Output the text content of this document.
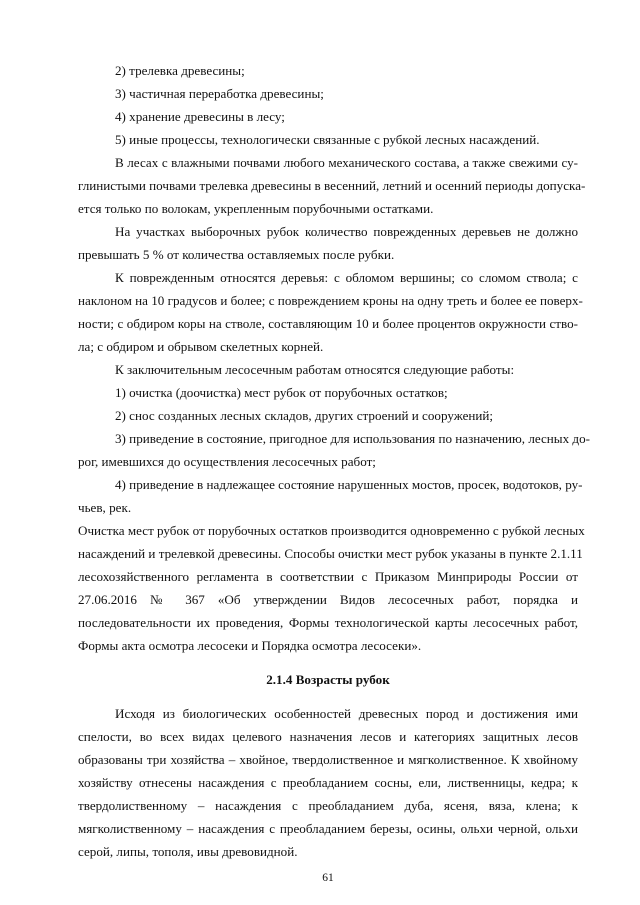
2) трелевка древесины;
3) частичная переработка древесины;
4) хранение древесины в лесу;
5) иные процессы, технологически связанные с рубкой лесных насаждений.
В лесах с влажными почвами любого механического состава, а также свежими су-
глинистыми почвами трелевка древесины в весенний, летний и осенний периоды допуска-
ется только по волокам, укрепленным порубочными остатками.
На участках выборочных рубок количество поврежденных деревьев не должно
превышать 5 % от количества оставляемых после рубки.
К поврежденным относятся деревья: с обломом вершины; со сломом ствола; с
наклоном на 10 градусов и более; с повреждением кроны на одну треть и более ее поверх-
ности; с обдиром коры на стволе, составляющим 10 и более процентов окружности ство-
ла; с обдиром и обрывом скелетных корней.
К заключительным лесосечным работам относятся следующие работы:
1) очистка (доочистка) мест рубок от порубочных остатков;
2) снос созданных лесных складов, других строений и сооружений;
3) приведение в состояние, пригодное для использования по назначению, лесных до-
рог, имевшихся до осуществления лесосечных работ;
4) приведение в надлежащее состояние нарушенных мостов, просек, водотоков, ру-
чьев, рек.
Очистка мест рубок от порубочных остатков производится одновременно с рубкой лесных
насаждений и трелевкой древесины. Способы очистки мест рубок указаны в пункте 2.1.11
лесохозяйственного регламента в соответствии с Приказом Минприроды России от
27.06.2016 № 367 «Об утверждении Видов лесосечных работ, порядка и
последовательности их проведения, Формы технологической карты лесосечных работ,
Формы акта осмотра лесосеки и Порядка осмотра лесосеки».
2.1.4 Возрасты рубок
Исходя из биологических особенностей древесных пород и достижения ими
спелости, во всех видах целевого назначения лесов и категориях защитных лесов
образованы три хозяйства – хвойное, твердолиственное и мягколиственное. К хвойному
хозяйству отнесены насаждения с преобладанием сосны, ели, лиственницы, кедра; к
твердолиственному – насаждения с преобладанием дуба, ясеня, вяза, клена; к
мягколиственному – насаждения с преобладанием березы, осины, ольхи черной, ольхи
серой, липы, тополя, ивы древовидной.
61
